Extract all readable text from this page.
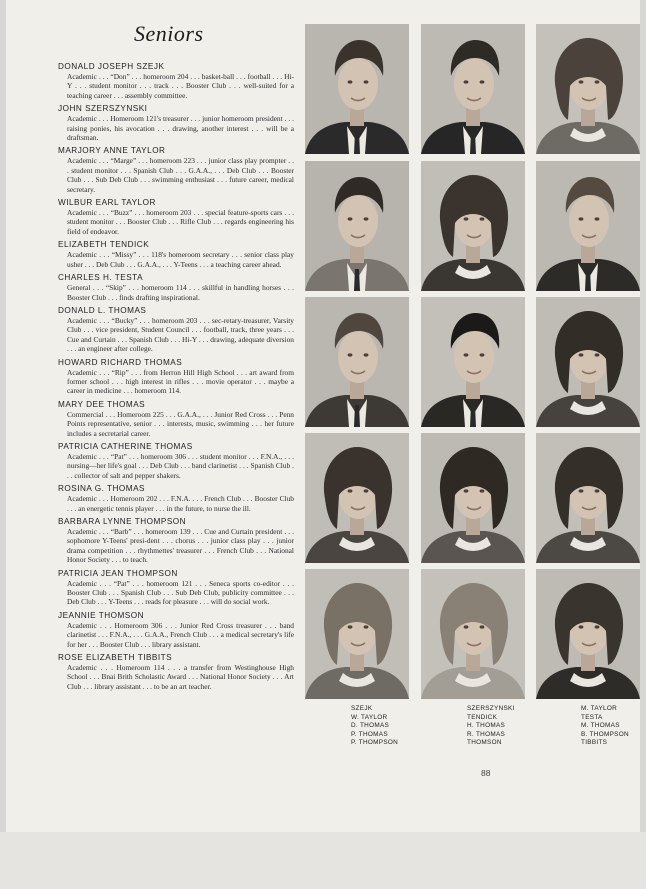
Seniors
DONALD JOSEPH SZEJK
Academic . . . “Don” . . . homeroom 204 . . . basket-ball . . . football . . . Hi-Y . . . student monitor . . . track . . . Booster Club . . . well-suited for a teaching career . . . assembly committee.
JOHN SZERSZYNSKI
Academic . . . Homeroom 121's treasurer . . . junior homeroom president . . . raising ponies, his avocation . . . drawing, another interest . . . will be a draftsman.
MARJORY ANNE TAYLOR
Academic . . . “Marge” . . . homeroom 223 . . . junior class play prompter . . . student monitor . . . Spanish Club . . . G.A.A., . . . Deb Club . . . Booster Club . . . Sub Deb Club . . . swimming enthusiast . . . future career, medical secretary.
WILBUR EARL TAYLOR
Academic . . . “Buzz” . . . homeroom 203 . . . special feature-sports cars . . . student monitor . . . Booster Club . . . Rifle Club . . . regards engineering his field of endeavor.
ELIZABETH TENDICK
Academic . . . “Missy” . . . 118's homeroom secretary . . . senior class play usher . . . Deb Club . . . G.A.A., . . . Y-Teens . . . a teaching career ahead.
CHARLES H. TESTA
General . . . “Skip” . . . homeroom 114 . . . skillful in handling horses . . . Booster Club . . . finds drafting inspirational.
DONALD L. THOMAS
Academic . . . “Bucky” . . . homeroom 203 . . . sec-retary-treasurer, Varsity Club . . . vice president, Student Council . . . football, track, three years . . . Cue and Curtain . . . Spanish Club . . . Hi-Y . . . drawing, adequate diversion . . . an engineer after college.
HOWARD RICHARD THOMAS
Academic . . . “Rip” . . . from Herron Hill High School . . . art award from former school . . . high interest in rifles . . . movie operator . . . maybe a career in medicine . . . homeroom 114.
MARY DEE THOMAS
Commercial . . . Homeroom 225 . . . G.A.A., . . . Junior Red Cross . . . Penn Points representative, senior . . . interests, music, swimming . . . her future includes a secretarial career.
PATRICIA CATHERINE THOMAS
Academic . . . “Pat” . . . homeroom 306 . . . student monitor . . . F.N.A., . . . nursing—her life's goal . . . Deb Club . . . band clarinetist . . . Spanish Club . . . collector of salt and pepper shakers.
ROSINA G. THOMAS
Academic . . . Homeroom 202 . . . F.N.A. . . . French Club . . . Booster Club . . . an energetic tennis player . . . in the future, to nurse the ill.
BARBARA LYNNE THOMPSON
Academic . . . “Barb” . . . homeroom 139 . . . Cue and Curtain president . . . sophomore Y-Teens' presi-dent . . . chorus . . . junior class play . . . junior drama competition . . . rhythmettes' treasurer . . . French Club . . . National Honor Society . . . to teach.
PATRICIA JEAN THOMPSON
Academic . . . “Pat” . . . homeroom 121 . . . Seneca sports co-editor . . . Booster Club . . . Spanish Club . . . Sub Deb Club, publicity committee . . . Deb Club . . . Y-Teens . . . reads for pleasure . . . will do social work.
JEANNIE THOMSON
Academic . . . Homeroom 306 . . . Junior Red Cross treasurer . . . band clarinetist . . . F.N.A., . . . G.A.A., French Club . . . a medical secretary's life for her . . . Booster Club . . . library assistant.
ROSE ELIZABETH TIBBITS
Academic . . . Homeroom 114 . . . a transfer from Westinghouse High School . . . Bnai Brith Scholastic Award . . . National Honor Society . . . Art Club . . . library assistant . . . to be an art teacher.
SZEJK
W. TAYLOR
D. THOMAS
P. THOMAS
P. THOMPSON
SZERSZYNSKI
TENDICK
H. THOMAS
R. THOMAS
THOMSON
M. TAYLOR
TESTA
M. THOMAS
B. THOMPSON
TIBBITS
88
